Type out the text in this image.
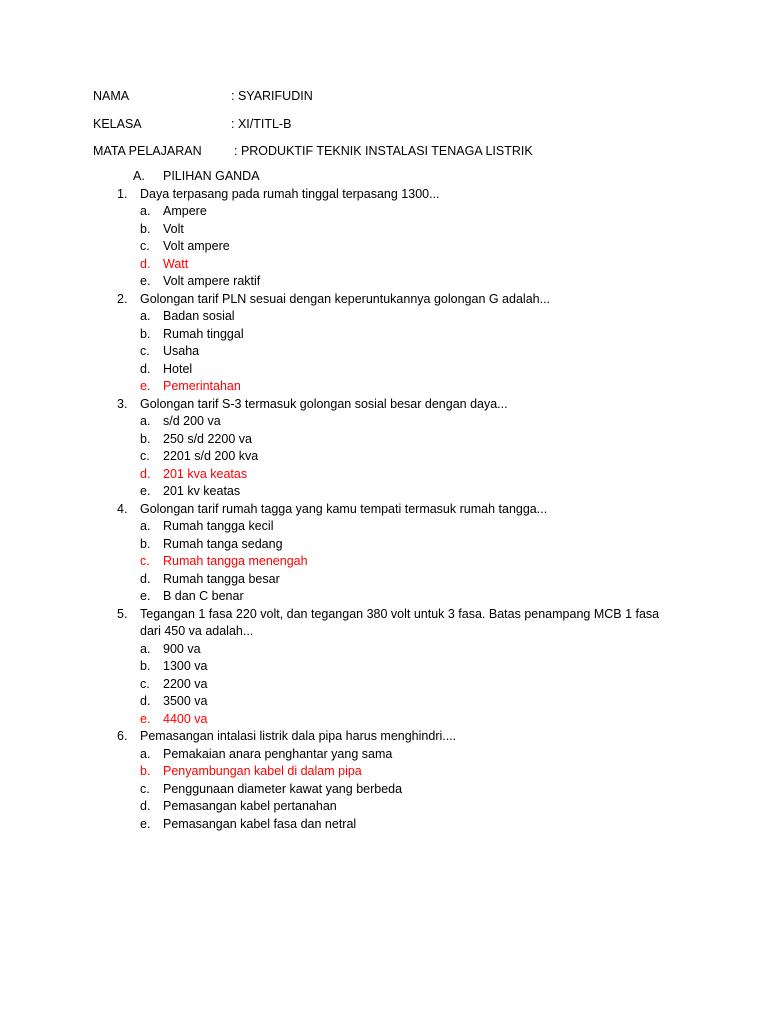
NAMA	: SYARIFUDIN
KELASA	: XI/TITL-B
MATA PELAJARAN	: PRODUKTIF TEKNIK INSTALASI TENAGA LISTRIK
A. PILIHAN GANDA
1. Daya terpasang pada rumah tinggal terpasang 1300...
a. Ampere
b. Volt
c. Volt ampere
d. Watt
e. Volt ampere raktif
2. Golongan tarif PLN sesuai dengan keperuntukannya golongan G adalah...
a. Badan sosial
b. Rumah tinggal
c. Usaha
d. Hotel
e. Pemerintahan
3. Golongan tarif S-3 termasuk golongan sosial besar dengan daya...
a. s/d 200 va
b. 250 s/d 2200 va
c. 2201 s/d 200 kva
d. 201 kva keatas
e. 201 kv keatas
4. Golongan tarif rumah tagga yang kamu tempati termasuk rumah tangga...
a. Rumah tangga kecil
b. Rumah tanga sedang
c. Rumah tangga menengah
d. Rumah tangga besar
e. B dan C benar
5. Tegangan 1 fasa 220 volt, dan tegangan 380 volt untuk 3 fasa. Batas penampang MCB 1 fasa dari 450 va adalah...
a. 900 va
b. 1300 va
c. 2200 va
d. 3500 va
e. 4400 va
6. Pemasangan intalasi listrik dala pipa harus menghindri....
a. Pemakaian anara penghantar yang sama
b. Penyambungan kabel di dalam pipa
c. Penggunaan diameter kawat yang berbeda
d. Pemasangan kabel pertanahan
e. Pemasangan kabel fasa dan netral
